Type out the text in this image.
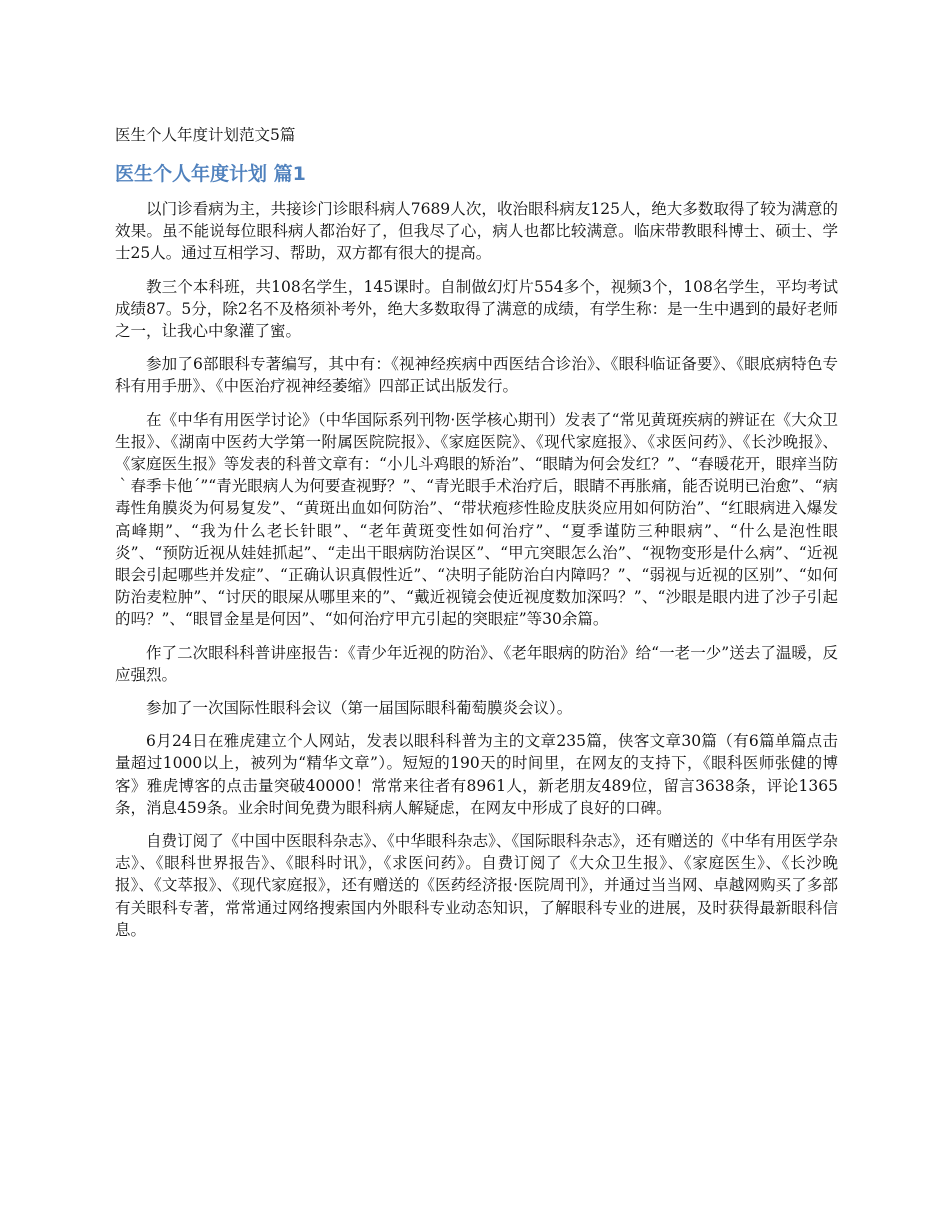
医生个人年度计划范文5篇
医生个人年度计划 篇1

以门诊看病为主，共接诊门诊眼科病人7689人次，收治眼科病友125人，绝大多数取得了较为满意的效果。虽不能说每位眼科病人都治好了，但我尽了心，病人也都比较满意。临床带教眼科博士、硕士、学士25人。通过互相学习、帮助，双方都有很大的提高。

教三个本科班，共108名学生，145课时。自制做幻灯片554多个，视频3个，108名学生，平均考试成绩87。5分，除2名不及格须补考外，绝大多数取得了满意的成绩，有学生称：是一生中遇到的最好老师之一，让我心中象灌了蜜。

参加了6部眼科专著编写，其中有：《视神经疾病中西医结合诊治》、《眼科临证备要》、《眼底病特色专科有用手册》、《中医治疗视神经萎缩》四部正试出版发行。

在《中华有用医学讨论》（中华国际系列刊物·医学核心期刊）发表了“常见黄斑疾病的辨证在《大众卫生报》、《湖南中医药大学第一附属医院院报》、《家庭医院》、《现代家庭报》、《求医问药》、《长沙晚报》、《家庭医生报》等发表的科普文章有：“小儿斗鸡眼的矫治”、“眼睛为何会发红？”、“春暖花开，眼痒当防｀春季卡他´”“青光眼病人为何要查视野？”、“青光眼手术治疗后，眼睛不再胀痛，能否说明已治愈”、“病毒性角膜炎为何易复发”、“黄斑出血如何防治”、“带状疱疹性睑皮肤炎应用如何防治”、“红眼病进入爆发高峰期”、“我为什么老长针眼”、“老年黄斑变性如何治疗”、“夏季谨防三种眼病”、“什么是泡性眼炎”、“预防近视从娃娃抓起”、“走出干眼病防治误区”、“甲亢突眼怎么治”、“视物变形是什么病”、“近视眼会引起哪些并发症”、“正确认识真假性近”、“决明子能防治白内障吗？”、“弱视与近视的区别”、“如何防治麦粒肿”、“讨厌的眼屎从哪里来的”、“戴近视镜会使近视度数加深吗？”、“沙眼是眼内进了沙子引起的吗？”、“眼冒金星是何因”、“如何治疗甲亢引起的突眼症”等30余篇。

作了二次眼科科普讲座报告：《青少年近视的防治》、《老年眼病的防治》给“一老一少”送去了温暖，反应强烈。

参加了一次国际性眼科会议（第一届国际眼科葡萄膜炎会议）。

6月24日在雅虎建立个人网站，发表以眼科科普为主的文章235篇，侠客文章30篇（有6篇单篇点击量超过1000以上，被列为“精华文章”）。短短的190天的时间里，在网友的支持下，《眼科医师张健的博客》雅虎博客的点击量突破40000！常常来往者有8961人，新老朋友489位，留言3638条，评论1365条，消息459条。业余时间免费为眼科病人解疑虑，在网友中形成了良好的口碑。

自费订阅了《中国中医眼科杂志》、《中华眼科杂志》、《国际眼科杂志》，还有赠送的《中华有用医学杂志》、《眼科世界报告》、《眼科时讯》，《求医问药》。自费订阅了《大众卫生报》、《家庭医生》、《长沙晚报》、《文萃报》、《现代家庭报》，还有赠送的《医药经济报·医院周刊》，并通过当当网、卓越网购买了多部有关眼科专著，常常通过网络搜索国内外眼科专业动态知识，了解眼科专业的进展，及时获得最新眼科信息。
